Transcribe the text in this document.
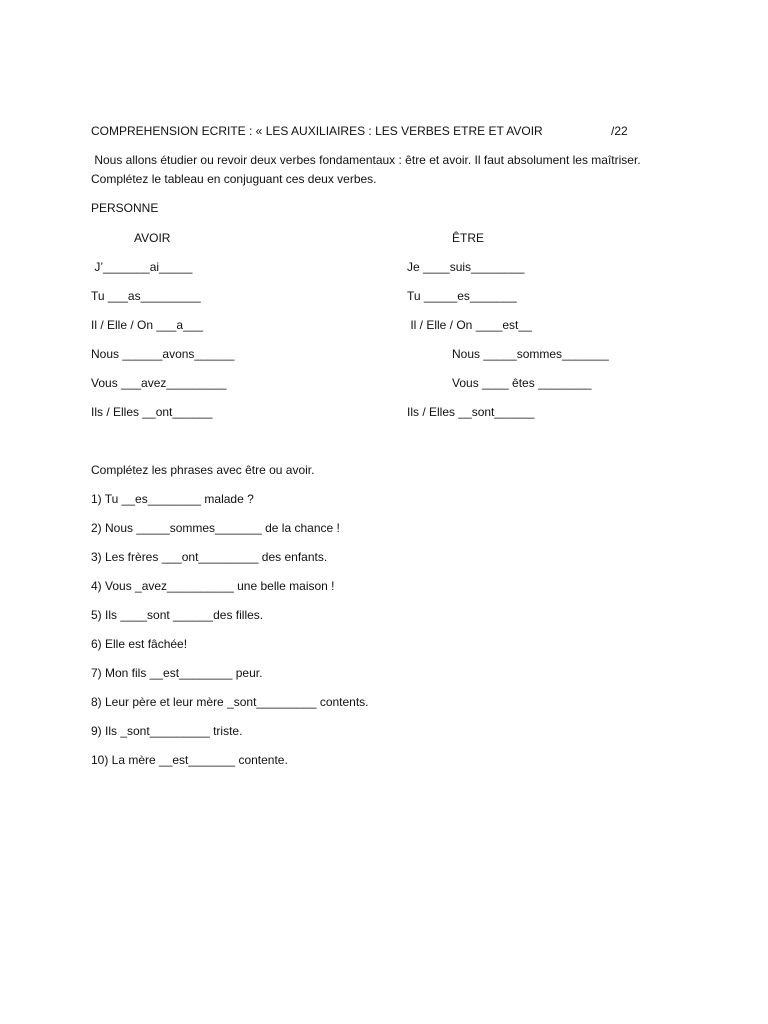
COMPREHENSION ECRITE : « LES AUXILIAIRES : LES VERBES ETRE ET AVOIR	/22
Nous allons étudier ou revoir deux verbes fondamentaux : être et avoir. Il faut absolument les maîtriser.
Complétez le tableau en conjuguant ces deux verbes.
PERSONNE
AVOIR	ÊTRE
J’_______ai_____
Tu ___as_________
Il / Elle / On ___a___
Nous ______avons______
Vous ___avez_________
Ils / Elles __ont______
Je ____suis________
Tu _____es_______
Il / Elle / On ____est__
Nous _____sommes_______
Vous ____ êtes ________
Ils / Elles __sont______
Complétez les phrases avec être ou avoir.
1) Tu __es________ malade ?
2) Nous _____sommes_______ de la chance !
3) Les frères ___ont_________ des enfants.
4) Vous _avez__________ une belle maison !
5) Ils ____sont ______des filles.
6) Elle est fâchée!
7) Mon fils __est________ peur.
8) Leur père et leur mère _sont_________ contents.
9) Ils _sont_________ triste.
10) La mère __est_______ contente.
